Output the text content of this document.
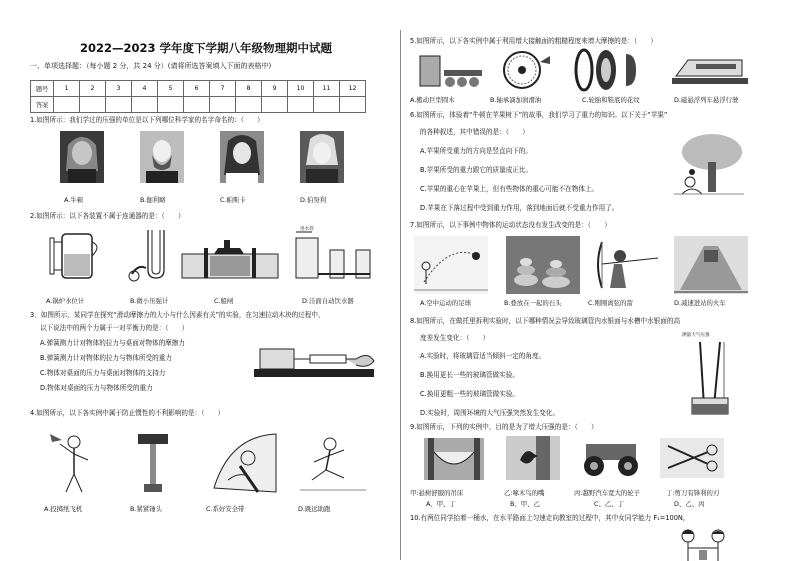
2022—2023 学年度下学期八年级物理期中试题
一、单项选择题：（每小题 2 分，共 24 分）(请将所选答案填入下面的表格中)
题号	1	2	3	4	5	6	7	8	9	10	11	12
答案												
1.如图所示：我们学过的压强的单位是以下列哪位科学家的名字命名的：（　　）
A.牛顿	B.伽利略	C.帕斯卡	D.伯努利
2.如图所示：以下各装置不属于连通器的是：（　　）
进水管
A.锅炉水位计	B.微小压强计	C.船闸	D.洼面自动饮水器
3．如图所示，某同学在探究“滑动摩擦力的大小与什么因素有关”的实验，在匀速拉动木块的过程中，
以下说法中的两个力属于一对平衡力的是：（　　）
A.弹簧测力计对物体的拉力与桌面对物体的摩擦力
B.弹簧测力计对物体的拉力与物体所受的重力
C.物体对桌面的压力与桌面对物体的支持力
D.物体对桌面的压力与物体所受的重力
4.如图所示，以下各实例中属于防止惯性的不利影响的是：（　　）
A.投掷纸飞机	B.紧紧锤头	C.系好安全带	D.跳远助跑
5.如图所示，以下各实例中属于利用增大接触面的粗糙程度来增大摩擦的是：（　　）
A.搬动巨型圆木	B.轴承滴加润滑油	C.轮胎和鞋底的花纹	D.磁悬浮列车悬浮行驶
6.如图所示，体验着“牛顿在苹果树下”的故事，我们学习了重力的知识。以下关于“苹果”
的各种叙述，其中错误的是：（　　）
A.苹果所受重力的方向是竖直向下的。
B.苹果所受的重力跟它的质量成正比。
C.苹果的重心在苹果上，但有些物体的重心可能不在物体上。
D.苹果在下落过程中受到重力作用，落到地面后就不受重力作用了。
7.如图所示，以下事例中物体的运动状态没有发生改变的是：（　　）
A.空中运动的足球	B.叠放在一起的石头	C.刚刚离弦的箭	D.减速进站的火车
8.如图所示，在做托里拆利实验时，以下哪种情况会导致玻璃管内水银面与水槽中水银面的高
度差发生变化：（　　）
A.实验时，将玻璃管适当倾斜一定的角度。
B.换用更长一些的玻璃管做实验。
C.换用更粗一些的玻璃管做实验。
D.实验时，周围环境的大气压强突然发生变化。
测量大气压强
9.如图所示，下列的实例中，目的是为了增大压强的是：（　　）
甲:悬树舒服的吊床	乙:啄木鸟的嘴	丙:越野汽车宽大的轮子	丁:剪刀有锋利的刃
A、甲、丁	B、甲、乙	C、乙、丁	D、乙、丙
10.有两位同学抬着一桶水，在水平路面上匀速走向教室的过程中，其中女同学能力 F₁=100N,
